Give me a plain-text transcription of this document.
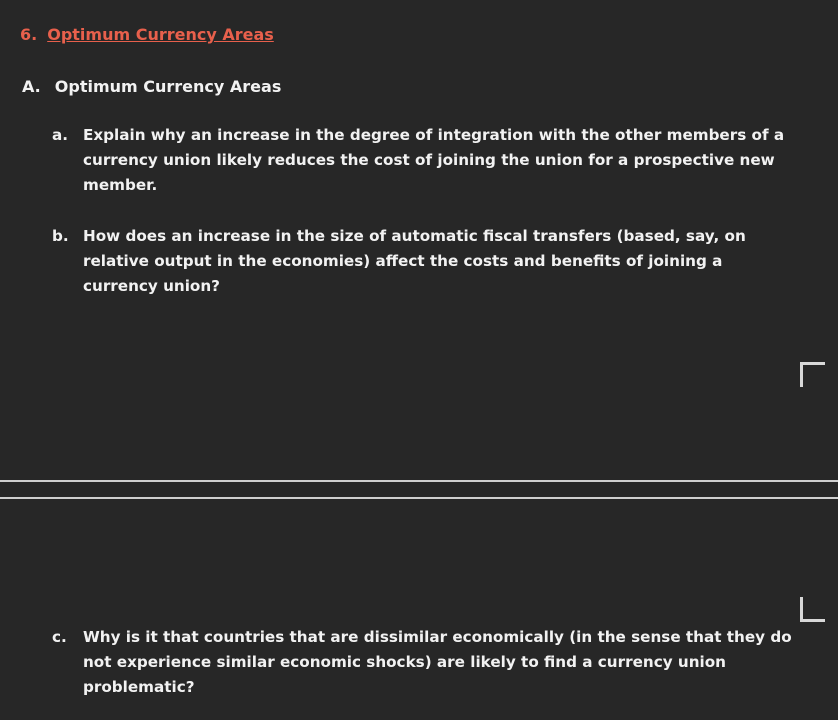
6. Optimum Currency Areas
A. Optimum Currency Areas
a. Explain why an increase in the degree of integration with the other members of a currency union likely reduces the cost of joining the union for a prospective new member.
b. How does an increase in the size of automatic fiscal transfers (based, say, on relative output in the economies) affect the costs and benefits of joining a currency union?
c. Why is it that countries that are dissimilar economically (in the sense that they do not experience similar economic shocks) are likely to find a currency union problematic?
